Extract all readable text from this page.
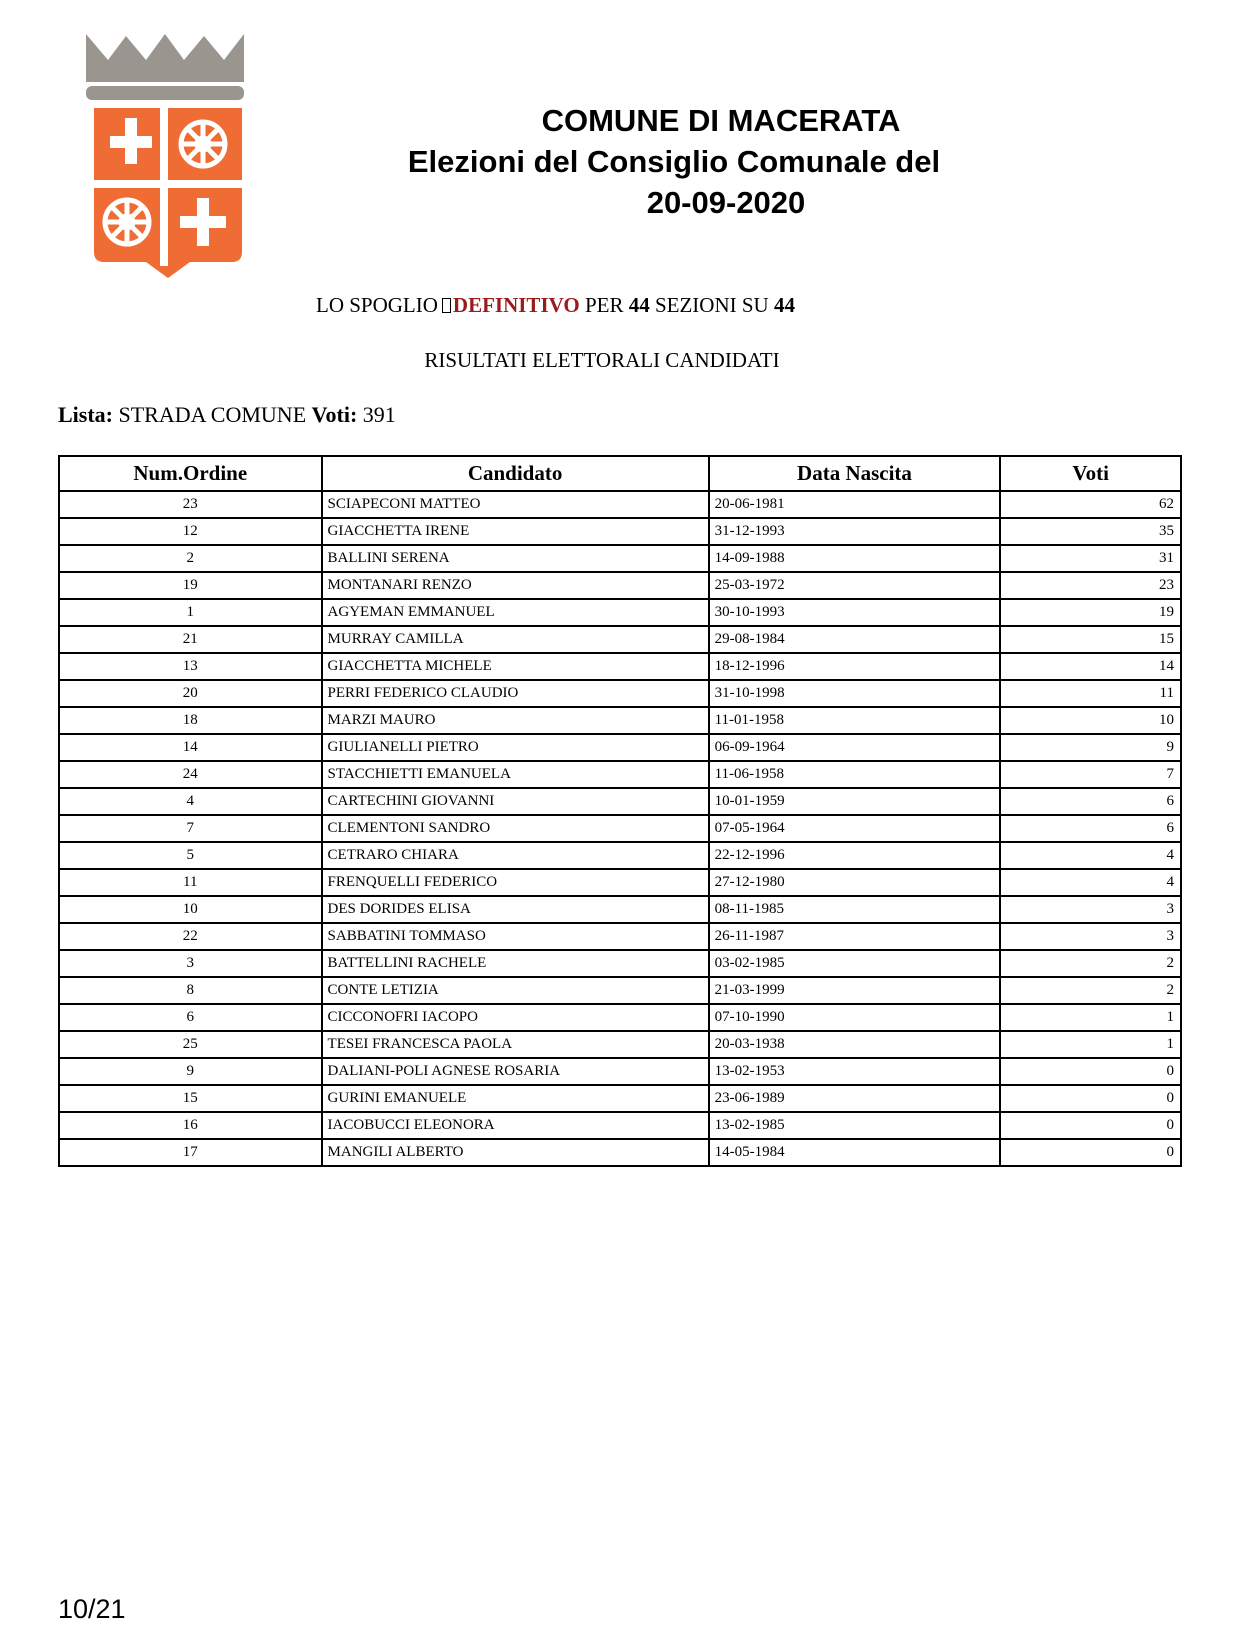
COMUNE DI MACERATA
Elezioni del Consiglio Comunale del
20-09-2020
LO SPOGLIO DEFINITIVO PER 44 SEZIONI SU 44
RISULTATI ELETTORALI CANDIDATI
Lista: STRADA COMUNE Voti: 391
Num.Ordine	Candidato	Data Nascita	Voti
23	SCIAPECONI MATTEO	20-06-1981	62
12	GIACCHETTA IRENE	31-12-1993	35
2	BALLINI SERENA	14-09-1988	31
19	MONTANARI RENZO	25-03-1972	23
1	AGYEMAN EMMANUEL	30-10-1993	19
21	MURRAY CAMILLA	29-08-1984	15
13	GIACCHETTA MICHELE	18-12-1996	14
20	PERRI FEDERICO CLAUDIO	31-10-1998	11
18	MARZI MAURO	11-01-1958	10
14	GIULIANELLI PIETRO	06-09-1964	9
24	STACCHIETTI EMANUELA	11-06-1958	7
4	CARTECHINI GIOVANNI	10-01-1959	6
7	CLEMENTONI SANDRO	07-05-1964	6
5	CETRARO CHIARA	22-12-1996	4
11	FRENQUELLI FEDERICO	27-12-1980	4
10	DES DORIDES ELISA	08-11-1985	3
22	SABBATINI TOMMASO	26-11-1987	3
3	BATTELLINI RACHELE	03-02-1985	2
8	CONTE LETIZIA	21-03-1999	2
6	CICCONOFRI IACOPO	07-10-1990	1
25	TESEI FRANCESCA PAOLA	20-03-1938	1
9	DALIANI-POLI AGNESE ROSARIA	13-02-1953	0
15	GURINI EMANUELE	23-06-1989	0
16	IACOBUCCI ELEONORA	13-02-1985	0
17	MANGILI ALBERTO	14-05-1984	0
10/21
